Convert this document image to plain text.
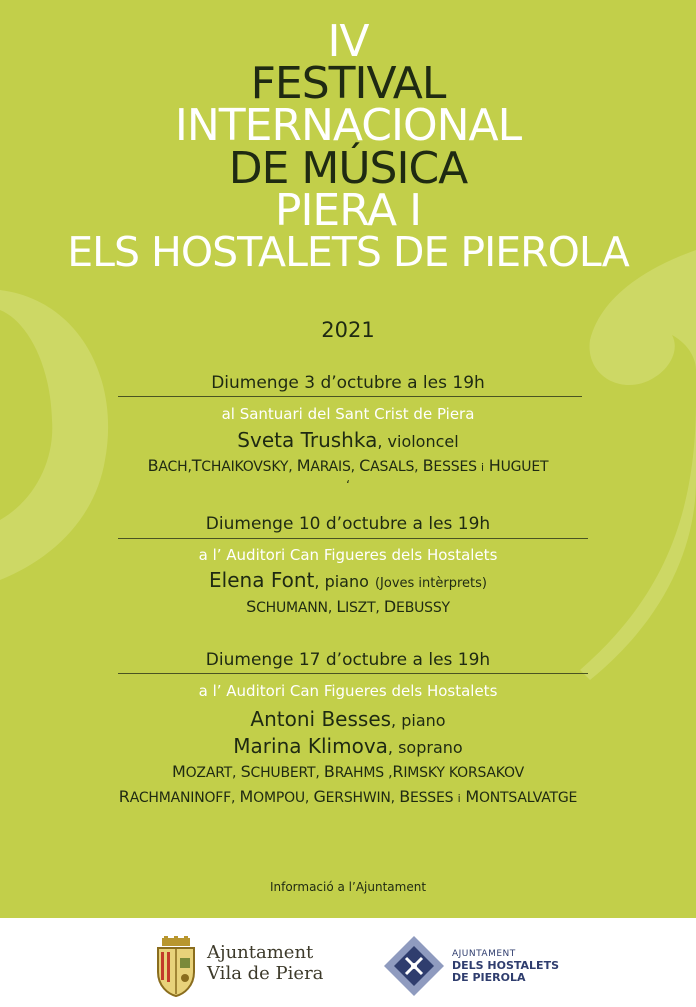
IV
FESTIVAL
INTERNACIONAL
DE MÚSICA
PIERA I
ELS HOSTALETS DE PIEROLA
2021
Diumenge 3 d’octubre a les 19h
al Santuari del Sant Crist de Piera
Sveta Trushka, violoncel
BACH,TCHAIKOVSKY, MARAIS, CASALS, BESSES i HUGUET
‘
Diumenge 10 d’octubre a les 19h
a l’ Auditori Can Figueres dels Hostalets
Elena Font, piano (Joves intèrprets)
SCHUMANN, LISZT, DEBUSSY
Diumenge 17 d’octubre a les 19h
a l’ Auditori Can Figueres dels Hostalets
Antoni Besses, piano
Marina Klimova, soprano
MOZART, SCHUBERT, BRAHMS ,RIMSKY KORSAKOV
RACHMANINOFF, MOMPOU, GERSHWIN, BESSES i MONTSALVATGE
Informació a l’Ajuntament
Ajuntament
Vila de Piera
AJUNTAMENT
DELS HOSTALETS
DE PIEROLA
